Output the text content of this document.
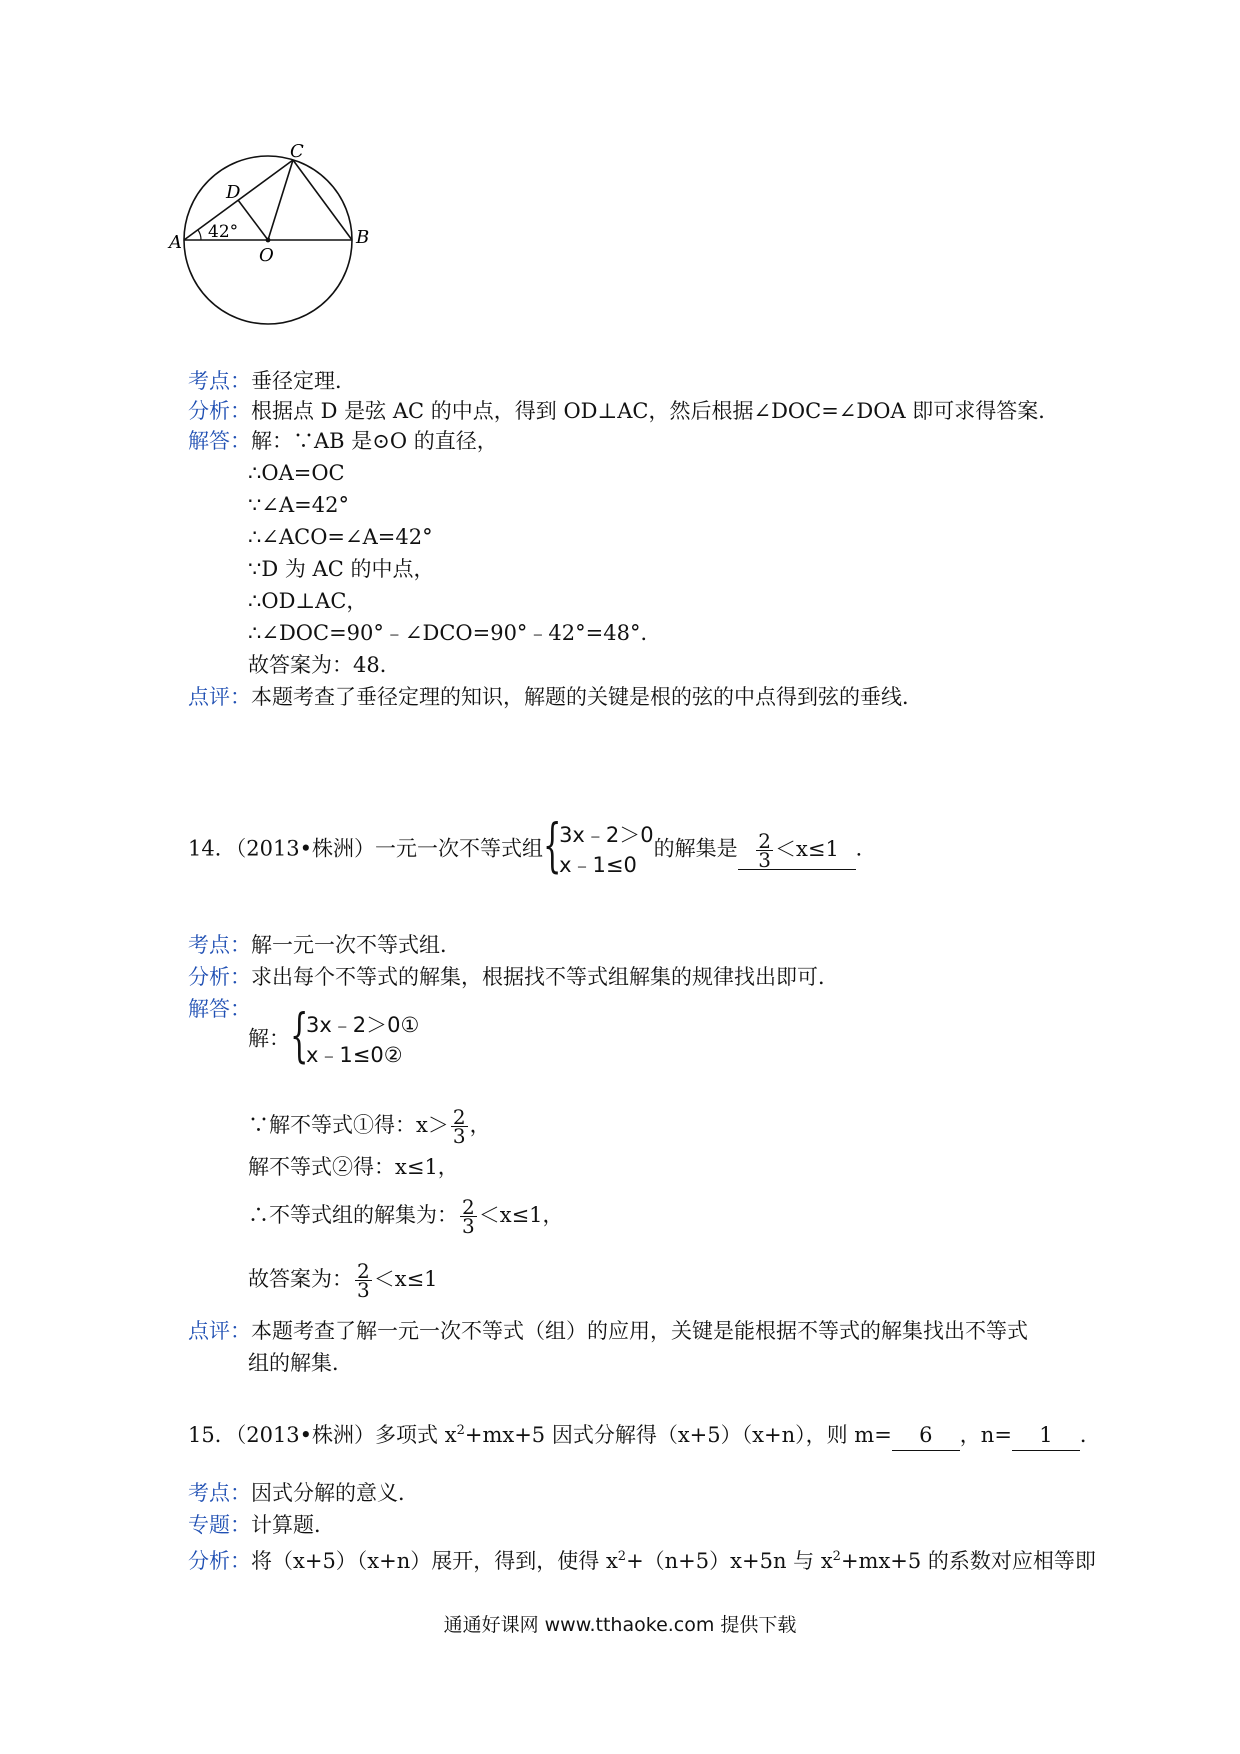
A	B
C
D
O
42°
考点：垂径定理．
分析：根据点 D 是弦 AC 的中点，得到 OD⊥AC，然后根据∠DOC=∠DOA 即可求得答案．
解答：解：∵AB 是⊙O 的直径，
∴OA=OC
∵∠A=42°
∴∠ACO=∠A=42°
∵D 为 AC 的中点，
∴OD⊥AC，
∴∠DOC=90°﹣∠DCO=90°﹣42°=48°．
故答案为：48．
点评：本题考查了垂径定理的知识，解题的关键是根的弦的中点得到弦的垂线．
14．（2013•株洲）一元一次不等式组 {
3x﹣2＞0
x﹣1≤0
的解集是 $\frac{2}{3} <x\le 1$ ．
考点：解一元一次不等式组．
分析：求出每个不等式的解集，根据找不等式组解集的规律找出即可．
解答：
解： {
3x﹣2＞0①
x﹣1≤0②
∵解不等式①得：$x> \frac{2}{3}$ ，
解不等式②得：x≤1，
∴不等式组的解集为： $\frac{2}{3} <x\le 1$，
故答案为： $\frac{2}{3} <x\le 1$
点评：本题考查了解一元一次不等式（组）的应用，关键是能根据不等式的解集找出不等式
组的解集．
15．（2013•株洲）多项式 $x^2+mx+5$ 因式分解得（x+5）（x+n），则 m= 6 ，n= 1 ．
考点：因式分解的意义．
专题：计算题．
分析：将（x+5）（x+n）展开，得到，使得 $x^2+(n+5)x+5n$ 与 $x^2+mx+5$ 的系数对应相等即
通通好课网 www.tthaoke.com 提供下载
